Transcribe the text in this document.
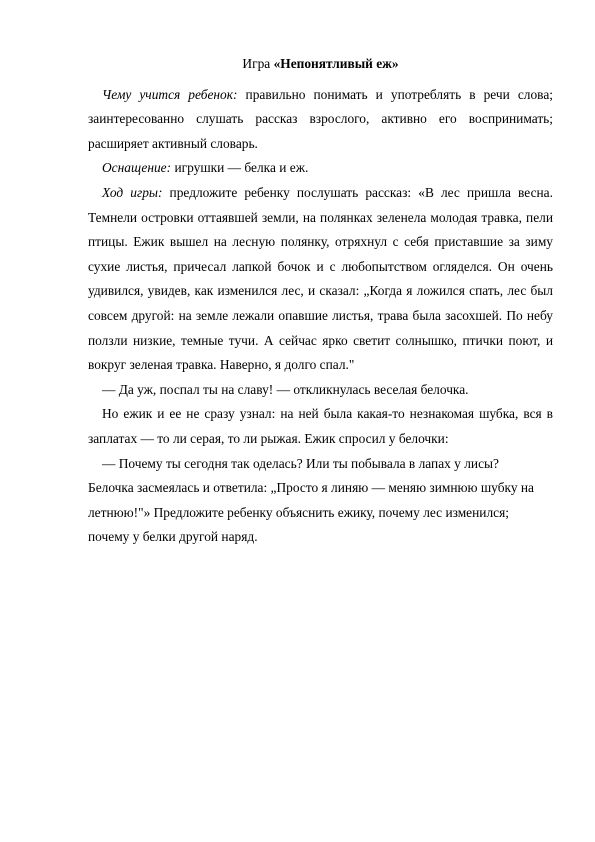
Игра «Непонятливый еж»

Чему учится ребенок: правильно понимать и употреблять в речи слова; заинтересованно слушать рассказ взрослого, активно его воспринимать; расширяет активный словарь.

Оснащение: игрушки — белка и еж.

Ход игры: предложите ребенку послушать рассказ: «В лес пришла весна. Темнели островки оттаявшей земли, на полянках зеленела молодая травка, пели птицы. Ежик вышел на лесную полянку, отряхнул с себя приставшие за зиму сухие листья, причесал лапкой бочок и с любопытством огляделся. Он очень удивился, увидев, как изменился лес, и сказал: „Когда я ложился спать, лес был совсем другой: на земле лежали опавшие листья, трава была засохшей. По небу ползли низкие, темные тучи. А сейчас ярко светит солнышко, птички поют, и вокруг зеленая травка. Наверно, я долго спал."

— Да уж, поспал ты на славу! — откликнулась веселая белочка.

Но ежик и ее не сразу узнал: на ней была какая-то незнакомая шубка, вся в заплатах — то ли серая, то ли рыжая. Ежик спросил у белочки:

— Почему ты сегодня так оделась? Или ты побывала в лапах у лисы?

Белочка засмеялась и ответила: „Просто я линяю — меняю зимнюю шубку на летнюю!"» Предложите ребенку объяснить ежику, почему лес изменился; почему у белки другой наряд.
